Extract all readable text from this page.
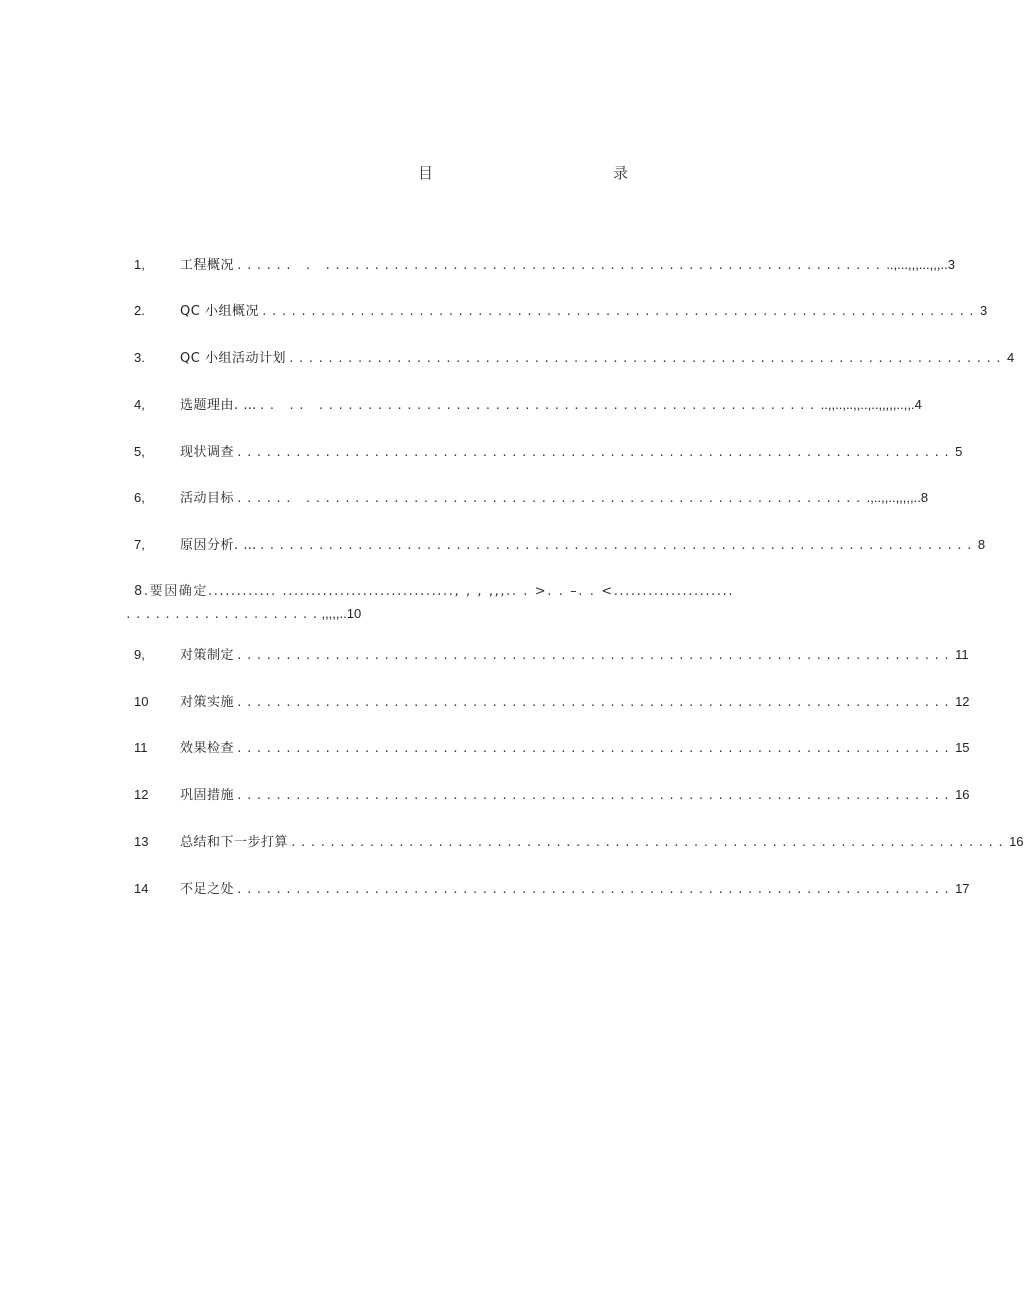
目	录
1,	工程概况 ...... . ......................................................... ..,...,,,...,,,..3
2.	QC 小组概况 ......................................................................... 3
3.	QC 小组活动计划 ......................................................................... 4
4,	选题理由. … .. .. ................................................... ..,,..,..,,..,..,,,,,..,,.4
5,	现状调查 ......................................................................... 5
6,	活动目标 ...... ......................................................... .,..,,..,,,,,..8
7,	原因分析. … ......................................................................... 8
8.要因确定............ .............................., , , ,,,.. . >. . –. . <.....................
.................... ,,,,,..10
9,	对策制定 ......................................................................... 11
10 对策实施 ......................................................................... 12
11	效果检查 ......................................................................... 15
12 巩固措施 ......................................................................... 16
13 总结和下一步打算 ......................................................................... 16
14 不足之处 ......................................................................... 17
